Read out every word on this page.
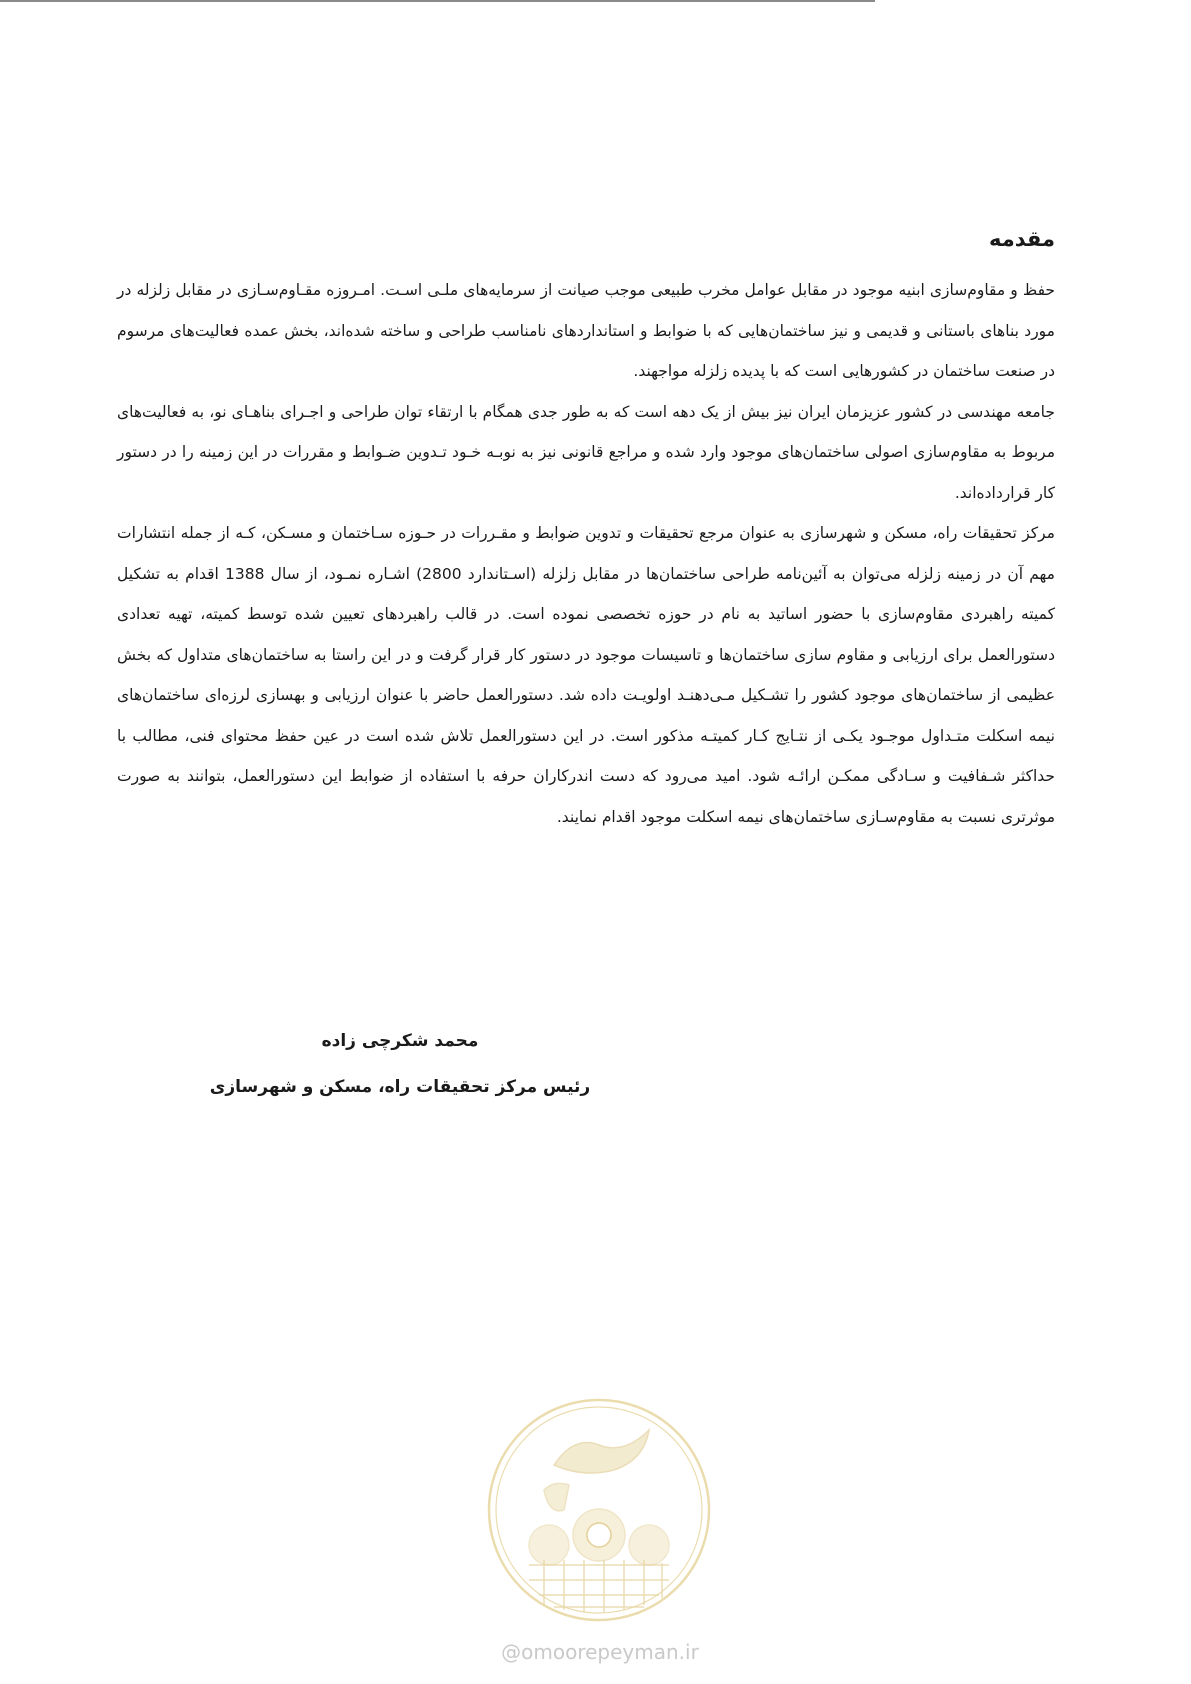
مقدمه

حفظ و مقاوم‌سازی ابنیه موجود در مقابل عوامل مخرب طبیعی موجب صیانت از سرمایه‌های ملـی اسـت. امـروزه مقـاوم‌سـازی در مقابل زلزله در مورد بناهای باستانی و قدیمی و نیز ساختمان‌هایی که با ضوابط و استانداردهای نامناسب طراحی و ساخته شده‌اند، بخش عمده فعالیت‌های مرسوم در صنعت ساختمان در کشورهایی است که با پدیده زلزله مواجهند.

جامعه مهندسی در کشور عزیزمان ایران نیز بیش از یک دهه است که به طور جدی همگام با ارتقاء توان طراحی و اجـرای بناهـای نو، به فعالیت‌های مربوط به مقاوم‌سازی اصولی ساختمان‌های موجود وارد شده و مراجع قانونی نیز به نوبـه خـود تـدوین ضـوابط و مقررات در این زمینه را در دستور کار قرارداده‌اند.

مرکز تحقیقات راه، مسکن و شهرسازی به عنوان مرجع تحقیقات و تدوین ضوابط و مقـررات در حـوزه سـاختمان و مسـکن، کـه از جمله انتشارات مهم آن در زمینه زلزله می‌توان به آئین‌نامه طراحی ساختمان‌ها در مقابل زلزله (اسـتاندارد 2800) اشـاره نمـود، از سال 1388 اقدام به تشکیل کمیته راهبردی مقاوم‌سازی با حضور اساتید به نام در حوزه تخصصی نموده است. در قالب راهبردهای تعیین شده توسط کمیته، تهیه تعدادی دستورالعمل برای ارزیابی و مقاوم سازی ساختمان‌ها و تاسیسات موجود در دستور کار قرار گرفت و در این راستا به ساختمان‌های متداول که بخش عظیمی از ساختمان‌های موجود کشور را تشـکیل مـی‌دهنـد اولویـت داده شد. دستورالعمل حاضر با عنوان ارزیابی و بهسازی لرزه‌ای ساختمان‌های نیمه اسکلت متـداول موجـود یکـی از نتـایج کـار کمیتـه مذکور است. در این دستورالعمل تلاش شده است در عین حفظ محتوای فنی، مطالب با حداکثر شـفافیت و سـادگی ممکـن ارائـه شود. امید می‌رود که دست اندرکاران حرفه با استفاده از ضوابط این دستورالعمل، بتوانند به صورت موثرتری نسبت به مقاوم‌سـازی ساختمان‌های نیمه اسکلت موجود اقدام نمایند.

محمد شکرچی زاده
رئیس مرکز تحقیقات راه، مسکن و شهرسازی
@omoorepeyman.ir
